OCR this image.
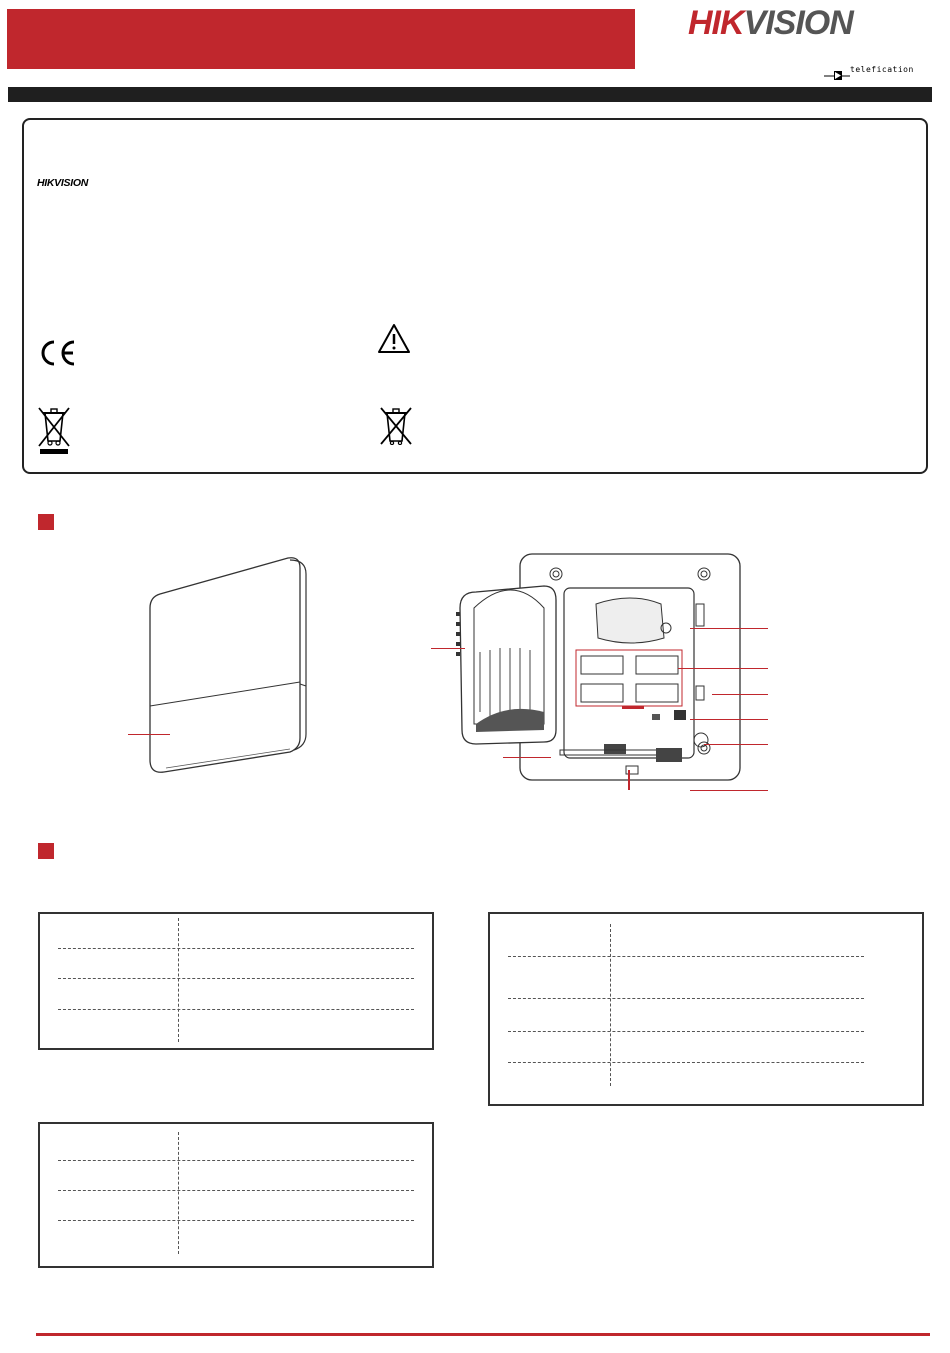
HIKVISION
telefication
HIKVISION
